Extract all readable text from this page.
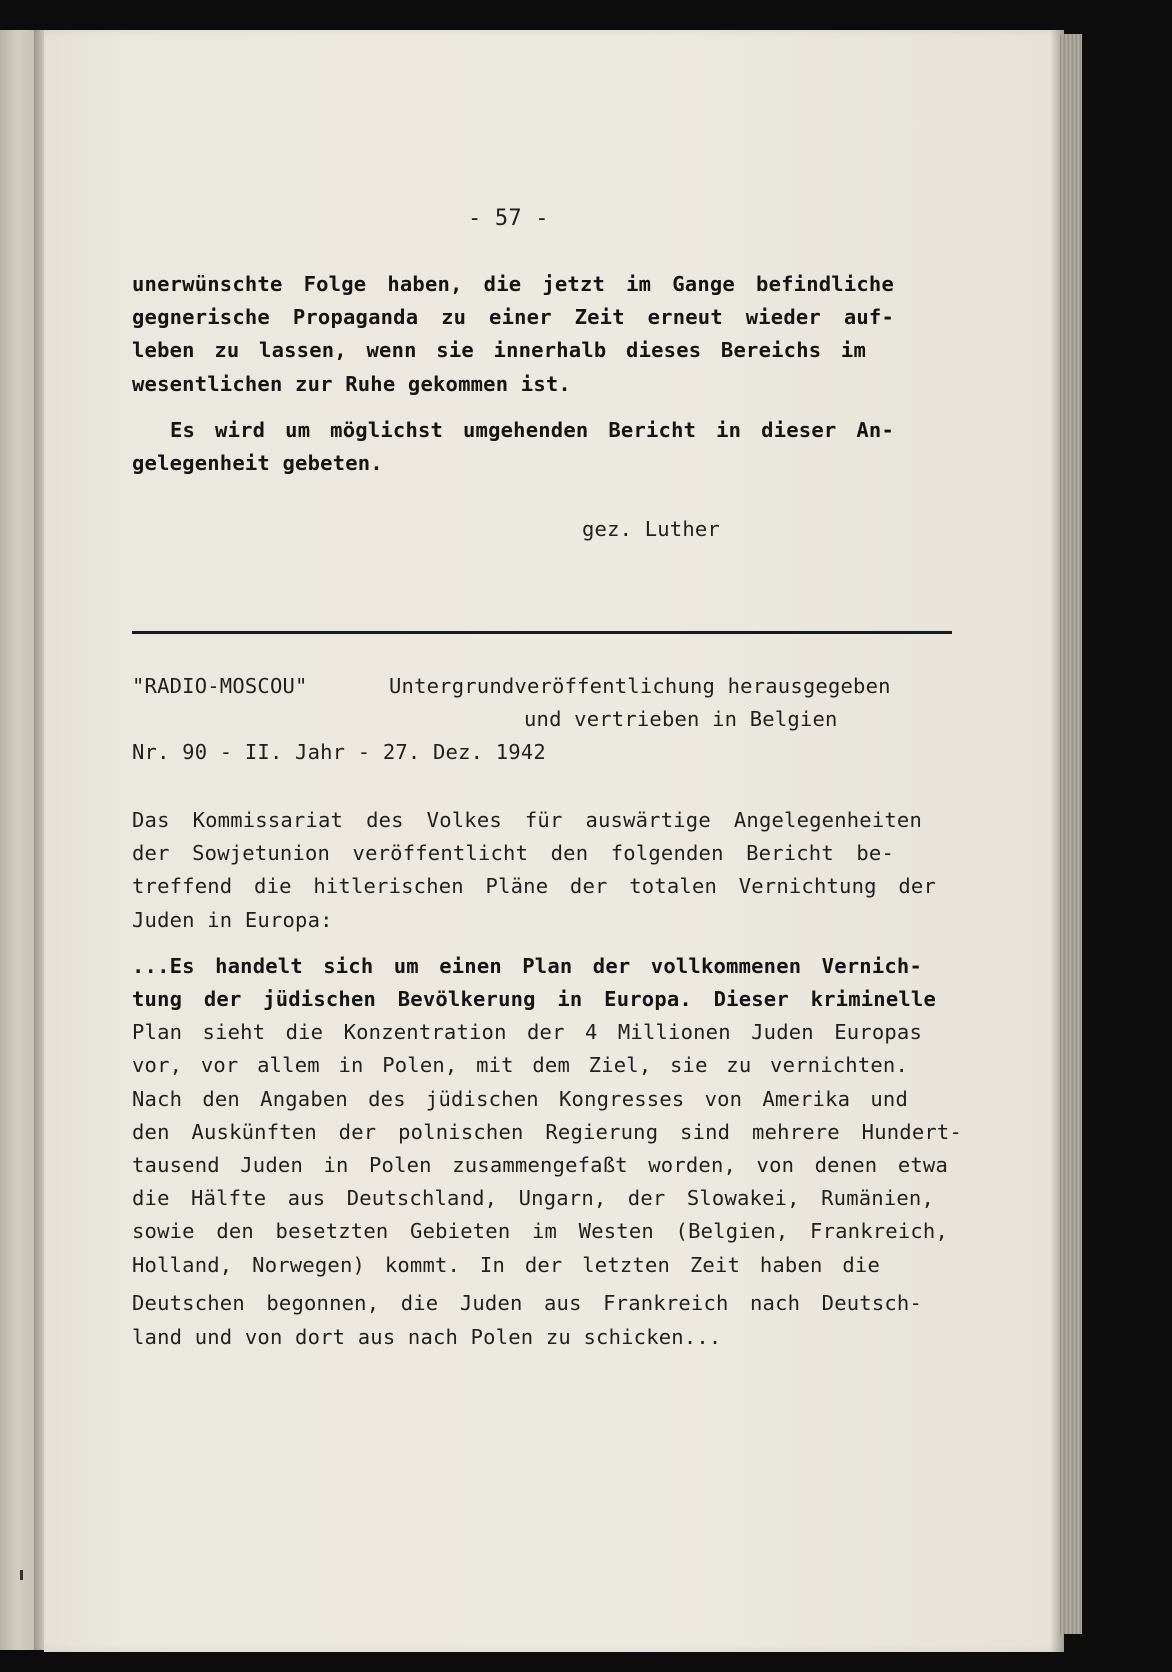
- 57 -
unerwünschte Folge haben, die jetzt im Gange befindliche
gegnerische Propaganda zu einer Zeit erneut wieder auf-
leben zu lassen, wenn sie innerhalb dieses Bereichs im
wesentlichen zur Ruhe gekommen ist.
Es wird um möglichst umgehenden Bericht in dieser An-
gelegenheit gebeten.
gez. Luther
"RADIO-MOSCOU"	Untergrundveröffentlichung herausgegeben
und vertrieben in Belgien
Nr. 90 - II. Jahr - 27. Dez. 1942
Das Kommissariat des Volkes für auswärtige Angelegenheiten
der Sowjetunion veröffentlicht den folgenden Bericht be-
treffend die hitlerischen Pläne der totalen Vernichtung der
Juden in Europa:
...Es handelt sich um einen Plan der vollkommenen Vernich-
tung der jüdischen Bevölkerung in Europa. Dieser kriminelle
Plan sieht die Konzentration der 4 Millionen Juden Europas
vor, vor allem in Polen, mit dem Ziel, sie zu vernichten.
Nach den Angaben des jüdischen Kongresses von Amerika und
den Auskünften der polnischen Regierung sind mehrere Hundert-
tausend Juden in Polen zusammengefaßt worden, von denen etwa
die Hälfte aus Deutschland, Ungarn, der Slowakei, Rumänien,
sowie den besetzten Gebieten im Westen (Belgien, Frankreich,
Holland, Norwegen) kommt. In der letzten Zeit haben die
Deutschen begonnen, die Juden aus Frankreich nach Deutsch-
land und von dort aus nach Polen zu schicken...
